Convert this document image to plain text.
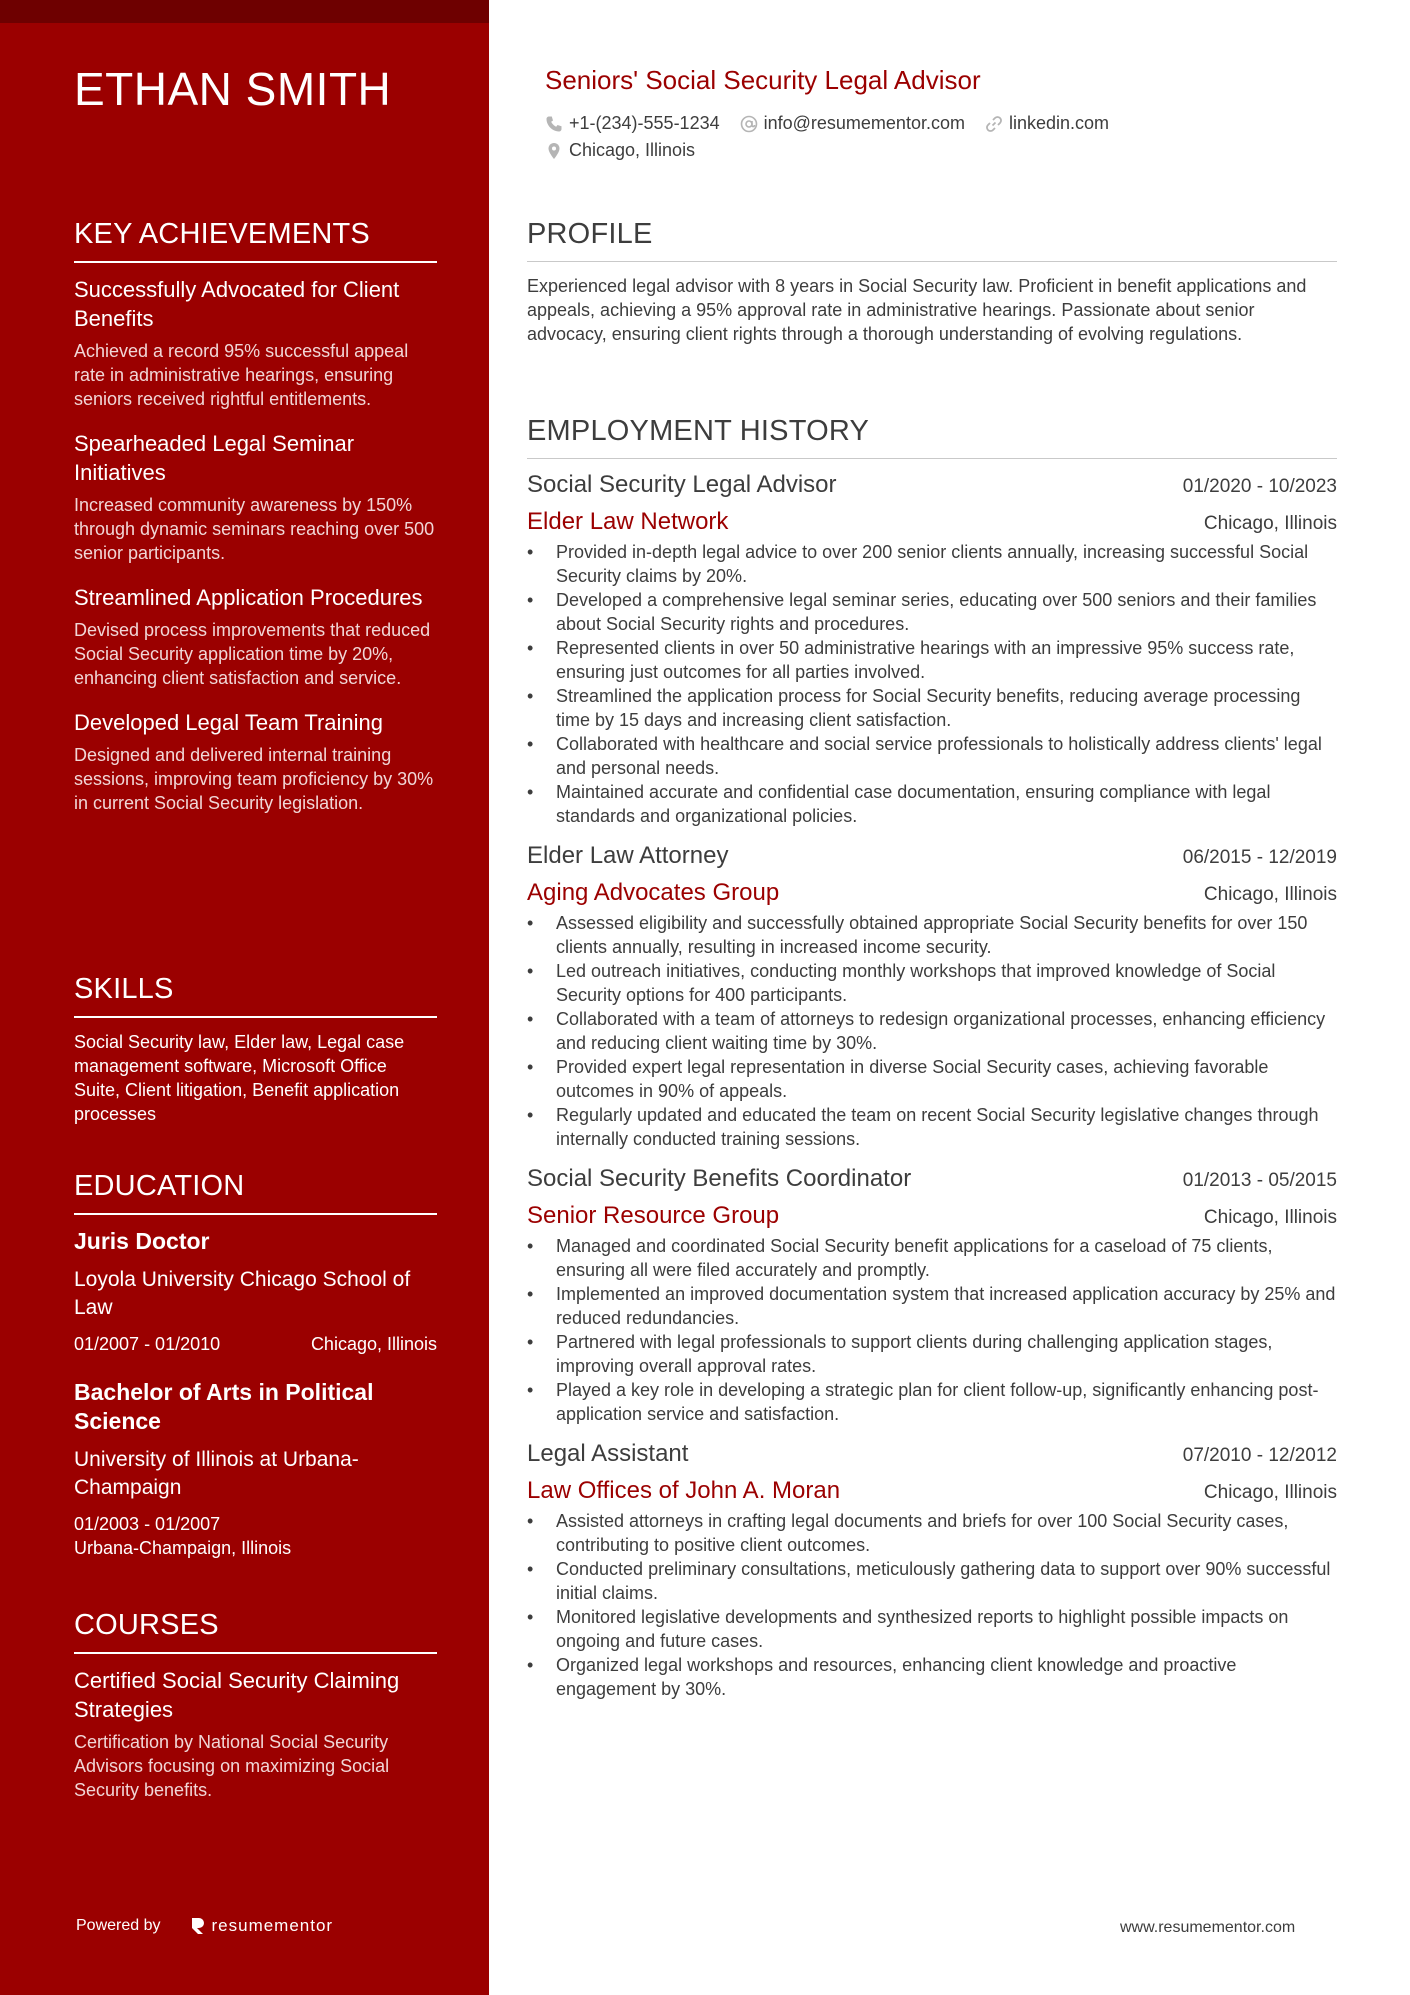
ETHAN SMITH
KEY ACHIEVEMENTS
Successfully Advocated for Client Benefits
Achieved a record 95% successful appeal rate in administrative hearings, ensuring seniors received rightful entitlements.
Spearheaded Legal Seminar Initiatives
Increased community awareness by 150% through dynamic seminars reaching over 500 senior participants.
Streamlined Application Procedures
Devised process improvements that reduced Social Security application time by 20%, enhancing client satisfaction and service.
Developed Legal Team Training
Designed and delivered internal training sessions, improving team proficiency by 30% in current Social Security legislation.
SKILLS
Social Security law, Elder law, Legal case management software, Microsoft Office Suite, Client litigation, Benefit application processes
EDUCATION
Juris Doctor
Loyola University Chicago School of Law
01/2007 - 01/2010	Chicago, Illinois
Bachelor of Arts in Political Science
University of Illinois at Urbana-Champaign
01/2003 - 01/2007
Urbana-Champaign, Illinois
COURSES
Certified Social Security Claiming Strategies
Certification by National Social Security Advisors focusing on maximizing Social Security benefits.
Powered by	resumementor
Seniors' Social Security Legal Advisor
+1-(234)-555-1234 info@resumementor.com linkedin.com
Chicago, Illinois
PROFILE
Experienced legal advisor with 8 years in Social Security law. Proficient in benefit applications and appeals, achieving a 95% approval rate in administrative hearings. Passionate about senior advocacy, ensuring client rights through a thorough understanding of evolving regulations.
EMPLOYMENT HISTORY
Social Security Legal Advisor	01/2020 - 10/2023
Elder Law Network	Chicago, Illinois
• Provided in-depth legal advice to over 200 senior clients annually, increasing successful Social Security claims by 20%.
• Developed a comprehensive legal seminar series, educating over 500 seniors and their families about Social Security rights and procedures.
• Represented clients in over 50 administrative hearings with an impressive 95% success rate, ensuring just outcomes for all parties involved.
• Streamlined the application process for Social Security benefits, reducing average processing time by 15 days and increasing client satisfaction.
• Collaborated with healthcare and social service professionals to holistically address clients' legal and personal needs.
• Maintained accurate and confidential case documentation, ensuring compliance with legal standards and organizational policies.
Elder Law Attorney	06/2015 - 12/2019
Aging Advocates Group	Chicago, Illinois
• Assessed eligibility and successfully obtained appropriate Social Security benefits for over 150 clients annually, resulting in increased income security.
• Led outreach initiatives, conducting monthly workshops that improved knowledge of Social Security options for 400 participants.
• Collaborated with a team of attorneys to redesign organizational processes, enhancing efficiency and reducing client waiting time by 30%.
• Provided expert legal representation in diverse Social Security cases, achieving favorable outcomes in 90% of appeals.
• Regularly updated and educated the team on recent Social Security legislative changes through internally conducted training sessions.
Social Security Benefits Coordinator	01/2013 - 05/2015
Senior Resource Group	Chicago, Illinois
• Managed and coordinated Social Security benefit applications for a caseload of 75 clients, ensuring all were filed accurately and promptly.
• Implemented an improved documentation system that increased application accuracy by 25% and reduced redundancies.
• Partnered with legal professionals to support clients during challenging application stages, improving overall approval rates.
• Played a key role in developing a strategic plan for client follow-up, significantly enhancing post-application service and satisfaction.
Legal Assistant	07/2010 - 12/2012
Law Offices of John A. Moran	Chicago, Illinois
• Assisted attorneys in crafting legal documents and briefs for over 100 Social Security cases, contributing to positive client outcomes.
• Conducted preliminary consultations, meticulously gathering data to support over 90% successful initial claims.
• Monitored legislative developments and synthesized reports to highlight possible impacts on ongoing and future cases.
• Organized legal workshops and resources, enhancing client knowledge and proactive engagement by 30%.
www.resumementor.com
